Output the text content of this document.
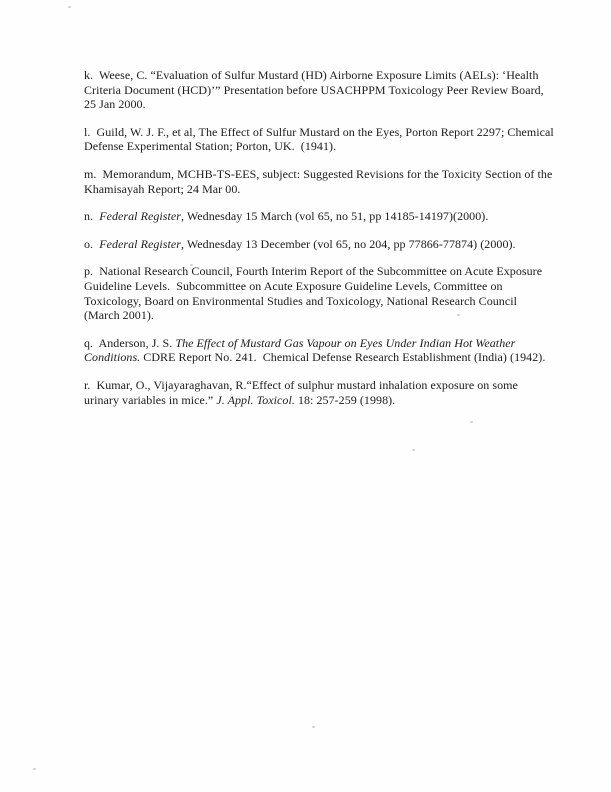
k.  Weese, C. “Evaluation of Sulfur Mustard (HD) Airborne Exposure Limits (AELs): ‘Health
Criteria Document (HCD)’” Presentation before USACHPPM Toxicology Peer Review Board,
25 Jan 2000.
l.  Guild, W. J. F., et al, The Effect of Sulfur Mustard on the Eyes, Porton Report 2297; Chemical
Defense Experimental Station; Porton, UK.  (1941).
m.  Memorandum, MCHB-TS-EES, subject: Suggested Revisions for the Toxicity Section of the
Khamisayah Report; 24 Mar 00.
n.  Federal Register, Wednesday 15 March (vol 65, no 51, pp 14185-14197)(2000).
o.  Federal Register, Wednesday 13 December (vol 65, no 204, pp 77866-77874) (2000).
p.  National Research Council, Fourth Interim Report of the Subcommittee on Acute Exposure
Guideline Levels.  Subcommittee on Acute Exposure Guideline Levels, Committee on
Toxicology, Board on Environmental Studies and Toxicology, National Research Council
(March 2001).
q.  Anderson, J. S. The Effect of Mustard Gas Vapour on Eyes Under Indian Hot Weather
Conditions. CDRE Report No. 241.  Chemical Defense Research Establishment (India) (1942).
r.  Kumar, O., Vijayaraghavan, R.“Effect of sulphur mustard inhalation exposure on some
urinary variables in mice.” J. Appl. Toxicol. 18: 257-259 (1998).
